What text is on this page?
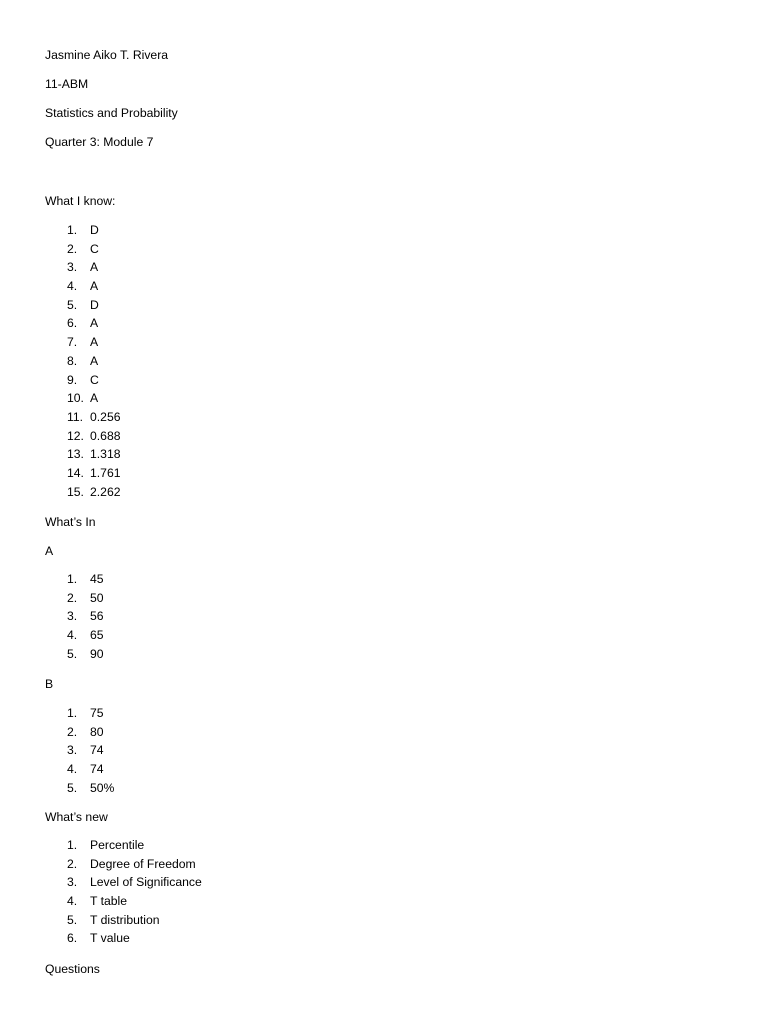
Jasmine Aiko T. Rivera
11-ABM
Statistics and Probability
Quarter 3: Module 7
What I know:
1.	D
2.	C
3.	A
4.	A
5.	D
6.	A
7.	A
8.	A
9.	C
10. A
11. 0.256
12. 0.688
13. 1.318
14. 1.761
15. 2.262
What’s In
A
1.	45
2.	50
3.	56
4.	65
5.	90
B
1.	75
2.	80
3.	74
4.	74
5.	50%
What’s new
1.	Percentile
2.	Degree of Freedom
3.	Level of Significance
4.	T table
5.	T distribution
6.	T value
Questions
